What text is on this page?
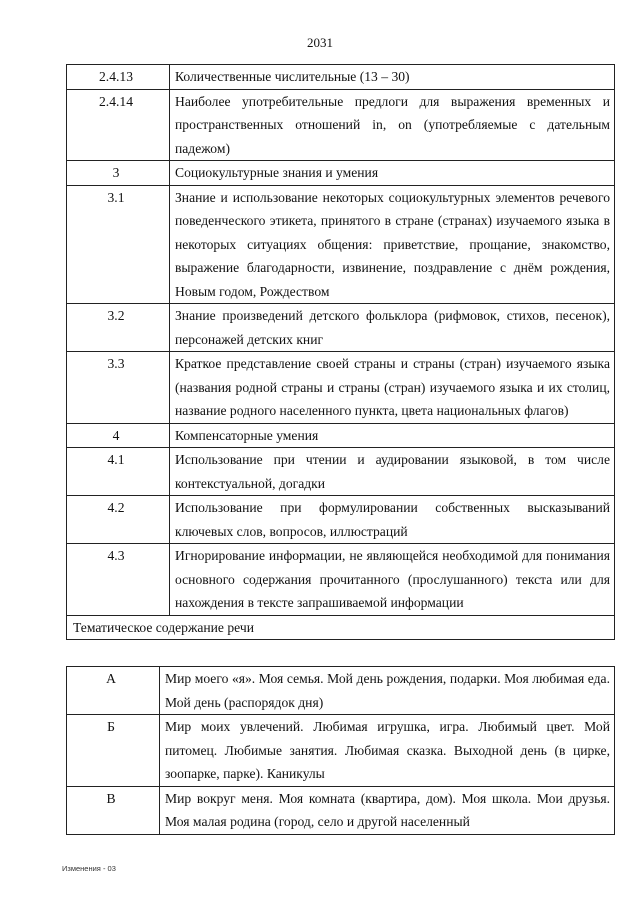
2031
2.4.13	Количественные числительные (13 – 30)
2.4.14	Наиболее употребительные предлоги для выражения временных и пространственных отношений in, on (употребляемые с дательным падежом)
3	Социокультурные знания и умения
3.1	Знание и использование некоторых социокультурных элементов речевого поведенческого этикета, принятого в стране (странах) изучаемого языка в некоторых ситуациях общения: приветствие, прощание, знакомство, выражение благодарности, извинение, поздравление с днём рождения, Новым годом, Рождеством
3.2	Знание произведений детского фольклора (рифмовок, стихов, песенок), персонажей детских книг
3.3	Краткое представление своей страны и страны (стран) изучаемого языка (названия родной страны и страны (стран) изучаемого языка и их столиц, название родного населенного пункта, цвета национальных флагов)
4	Компенсаторные умения
4.1	Использование при чтении и аудировании языковой, в том числе контекстуальной, догадки
4.2	Использование при формулировании собственных высказываний ключевых слов, вопросов, иллюстраций
4.3	Игнорирование информации, не являющейся необходимой для понимания основного содержания прочитанного (прослушанного) текста или для нахождения в тексте запрашиваемой информации
Тематическое содержание речи	
А	Мир моего «я». Моя семья. Мой день рождения, подарки. Моя любимая еда. Мой день (распорядок дня)
Б	Мир моих увлечений. Любимая игрушка, игра. Любимый цвет. Мой питомец. Любимые занятия. Любимая сказка. Выходной день (в цирке, зоопарке, парке). Каникулы
В	Мир вокруг меня. Моя комната (квартира, дом). Моя школа. Мои друзья. Моя малая родина (город, село и другой населенный
Изменения - 03
